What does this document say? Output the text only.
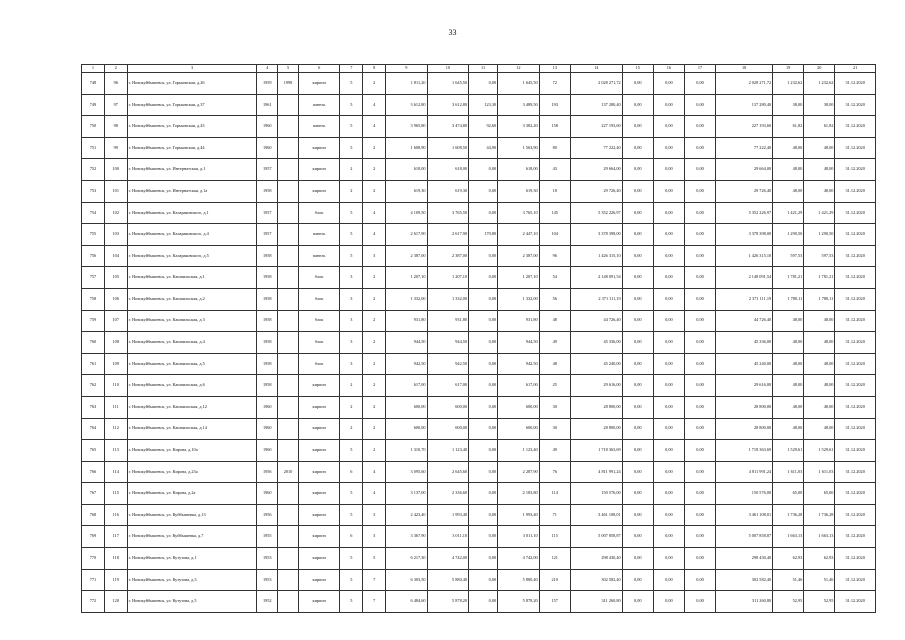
33
1	2	3	4	5	6	7	8	9	10	11	12	13	14	15	16	17	18	19	20	21
748	96	г. Новокуйбышевск, ул. Горьковская, д.26	1959	1998	кирпич	5	2	1 811,20	1 645,50	0,00	1 645,50	72	2 028 271,72	0,00	0,00	0,00	2 028 271,72	1 232,62	1 232,62	31.12.2020
749	97	г. Новокуйбышевск, ул. Горьковская, д.37	1961		панель	5	4	3 612,80	3 612,80	123,30	3 489,50	193	137 280,40	0,00	0,00	0,00	137 280,40	38,00	38,00	31.12.2020
750	98	г. Новокуйбышевск, ул. Горьковская, д.43	1960		панель	5	4	3 965,80	3 474,80	92,60	3 382,20	158	227 193,60	0,00	0,00	0,00	227 193,60	61,82	61,82	31.12.2020
751	99	г. Новокуйбышевск, ул. Горьковская, д.44	1960		кирпич	5	2	1 608,90	1 608,50	44,90	1 563,90	80	77 222,40	0,00	0,00	0,00	77 222,40	48,00	48,00	31.12.2020
752	100	г. Новокуйбышевск, ул. Интернатская, д.1	1957		кирпич	2	2	618,00	618,00	0,00	618,00	43	29 664,00	0,00	0,00	0,00	29 664,00	48,00	48,00	31.12.2020
753	101	г. Новокуйбышевск, ул. Интернатская, д.1а	1958		кирпич	2	2	619,30	619,30	0,00	619,30	18	29 726,40	0,00	0,00	0,00	29 726,40	48,00	48,00	31.12.2020
754	102	г. Новокуйбышевск, ул. Калараковского, д.1	1957		блок	5	4	4 109,50	3 765,50	0,00	3 765,10	145	5 352 226,97	0,00	0,00	0,00	5 352 226,97	1 421,29	1 421,29	31.12.2020
755	103	г. Новокуйбышевск, ул. Калараковского, д.4	1957		панель	5	4	2 617,90	2 617,90	170,80	2 447,10	104	3 378 398,00	0,00	0,00	0,00	3 378 398,00	1 290,50	1 290,50	31.12.2020
756	104	г. Новокуйбышевск, ул. Калараковского, д.5	1958		панель	5	3	2 387,00	2 387,00	0,00	2 387,00	96	1 426 315,10	0,00	0,00	0,00	1 426 315,10	597,53	597,53	31.12.2020
757	105	г. Новокуйбышевск, ул. Кашпильская, д.1	1958		блок	3	2	1 207,10	1 207,10	0,00	1 207,10	54	2 148 091,54	0,00	0,00	0,00	2 148 091,54	1 781,21	1 781,21	31.12.2020
758	106	г. Новокуйбышевск, ул. Кашпильская, д.2	1958		блок	3	2	1 332,00	1 332,00	0,00	1 332,00	56	2 371 111,19	0,00	0,00	0,00	2 371 111,19	1 780,11	1 780,11	31.12.2020
759	107	г. Новокуйбышевск, ул. Кашпильская, д.3	1958		блок	3	2	931,80	931,80	0,00	931,80	48	44 726,40	0,00	0,00	0,00	44 726,40	48,00	48,00	31.12.2020
760	108	г. Новокуйбышевск, ул. Кашпильская, д.4	1958		блок	3	2	944,50	944,50	0,00	944,50	49	45 336,00	0,00	0,00	0,00	45 336,00	48,00	48,00	31.12.2020
761	109	г. Новокуйбышевск, ул. Кашпильская, д.5	1958		блок	3	2	942,50	942,50	0,00	942,50	48	45 240,00	0,00	0,00	0,00	45 240,00	48,00	48,00	31.12.2020
762	110	г. Новокуйбышевск, ул. Кашпильская, д.6	1958		кирпич	2	2	617,00	617,00	0,00	617,00	25	29 616,00	0,00	0,00	0,00	29 616,00	48,00	48,00	31.12.2020
763	111	г. Новокуйбышевск, ул. Кашпильская, д.12	1960		кирпич	2	2	600,00	600,00	0,00	600,00	30	28 800,00	0,00	0,00	0,00	28 800,00	48,00	48,00	31.12.2020
764	112	г. Новокуйбышевск, ул. Кашпильская, д.14	1960		кирпич	2	2	600,00	600,00	0,00	600,00	30	28 800,00	0,00	0,00	0,00	28 800,00	48,00	48,00	31.12.2020
765	113	г. Новокуйбышевск, ул. Кирова, д.10а	1960		кирпич	5	2	1 310,70	1 123,40	0,00	1 123,40	49	1 718 363,69	0,00	0,00	0,00	1 718 363,69	1 529,61	1 529,61	31.12.2020
766	114	г. Новокуйбышевск, ул. Кирова, д.23а	1956	2010	кирпич	6	4	3 095,60	2 645,60	0,00	2 287,90	76	4 811 991,24	0,00	0,00	0,00	4 811 991,24	1 611,03	1 611,03	31.12.2020
767	115	г. Новокуйбышевск, ул. Кирова, д.2а	1960		кирпич	5	4	3 137,00	2 336,60	0,00	2 183,80	114	150 576,00	0,00	0,00	0,00	150 576,00	65,00	65,00	31.12.2020
768	116	г. Новокуйбышевск, ул. Куйбышевка, д.13	1956		кирпич	5	3	2 423,40	1 993,40	0,00	1 993,40	71	3 461 108,01	0,00	0,00	0,00	3 461 108,01	1 736,28	1 736,28	31.12.2020
769	117	г. Новокуйбышевск, ул. Куйбышевка, д.7	1955		кирпич	6	3	3 367,90	3 011,10	0,00	3 011,10	115	5 007 858,87	0,00	0,00	0,00	5 007 858,87	1 663,13	1 663,13	31.12.2020
770	118	г. Новокуйбышевск, ул. Кутузова, д.1	1953		кирпич	5	5	6 217,30	4 742,00	0,00	4 742,00	121	298 430,40	0,00	0,00	0,00	298 430,40	62,93	62,93	31.12.2020
771	119	г. Новокуйбышевск, ул. Кутузова, д.3	1953		кирпич	5	7	6 303,50	5 880,40	0,00	5 880,40	210	302 582,40	0,00	0,00	0,00	302 582,40	51,46	51,46	31.12.2020
772	120	г. Новокуйбышевск, ул. Кутузова, д.5	1952		кирпич	5	7	6 484,60	5 878,20	0,00	5 878,20	157	311 260,80	0,00	0,00	0,00	311 260,80	52,95	52,95	31.12.2020
